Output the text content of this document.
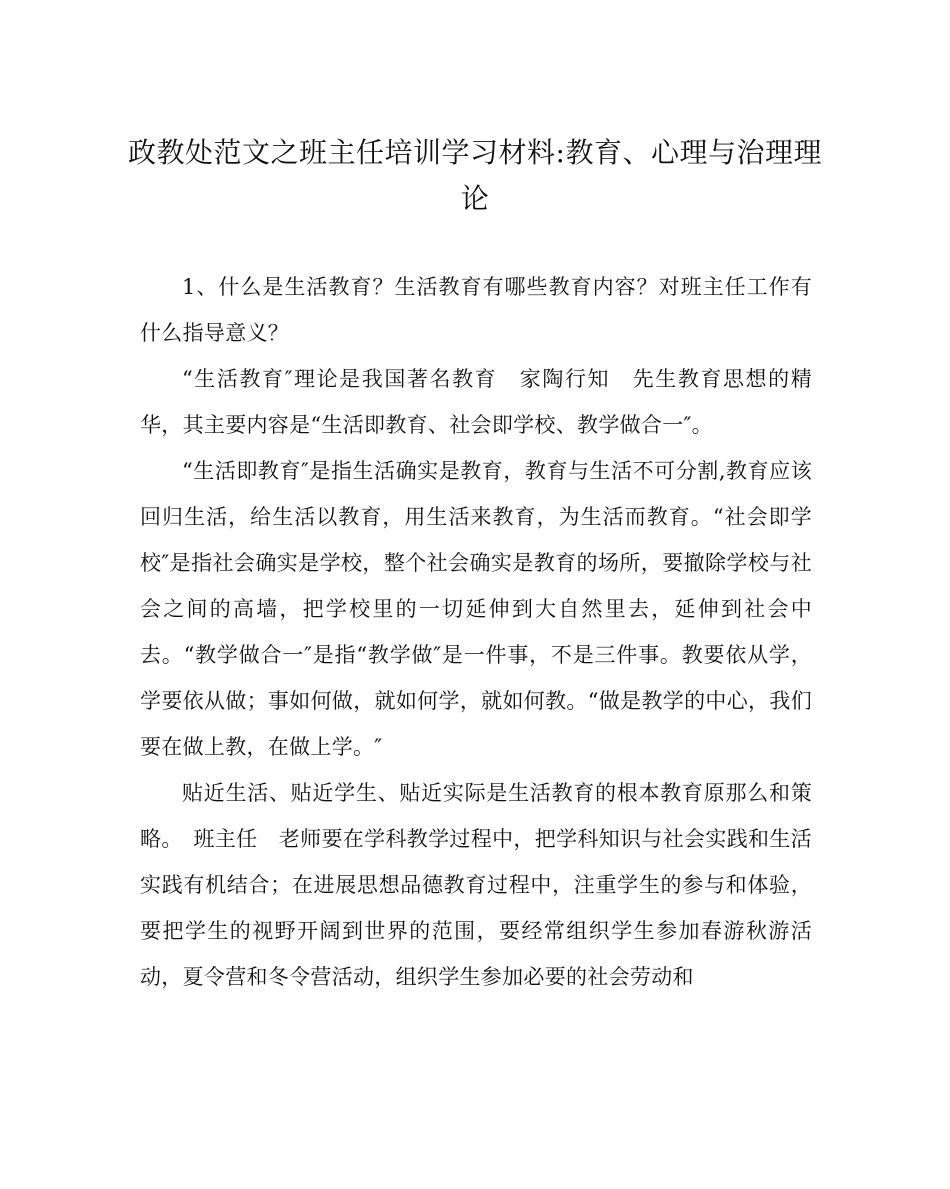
政教处范文之班主任培训学习材料:教育、心理与治理理论

1、什么是生活教育？生活教育有哪些教育内容？对班主任工作有什么指导意义？

“生活教育″理论是我国著名教育　家陶行知　先生教育思想的精华，其主要内容是“生活即教育、社会即学校、教学做合一″。

“生活即教育″是指生活确实是教育，教育与生活不可分割,教育应该回归生活，给生活以教育，用生活来教育，为生活而教育。“社会即学校″是指社会确实是学校，整个社会确实是教育的场所，要撤除学校与社会之间的高墙，把学校里的一切延伸到大自然里去，延伸到社会中去。“教学做合一″是指“教学做″是一件事，不是三件事。教要依从学，学要依从做；事如何做，就如何学，就如何教。“做是教学的中心，我们要在做上教，在做上学。″

贴近生活、贴近学生、贴近实际是生活教育的根本教育原那么和策略。　班主任　老师要在学科教学过程中，把学科知识与社会实践和生活实践有机结合；在进展思想品德教育过程中，注重学生的参与和体验，要把学生的视野开阔到世界的范围，要经常组织学生参加春游秋游活动，夏令营和冬令营活动，组织学生参加必要的社会劳动和
